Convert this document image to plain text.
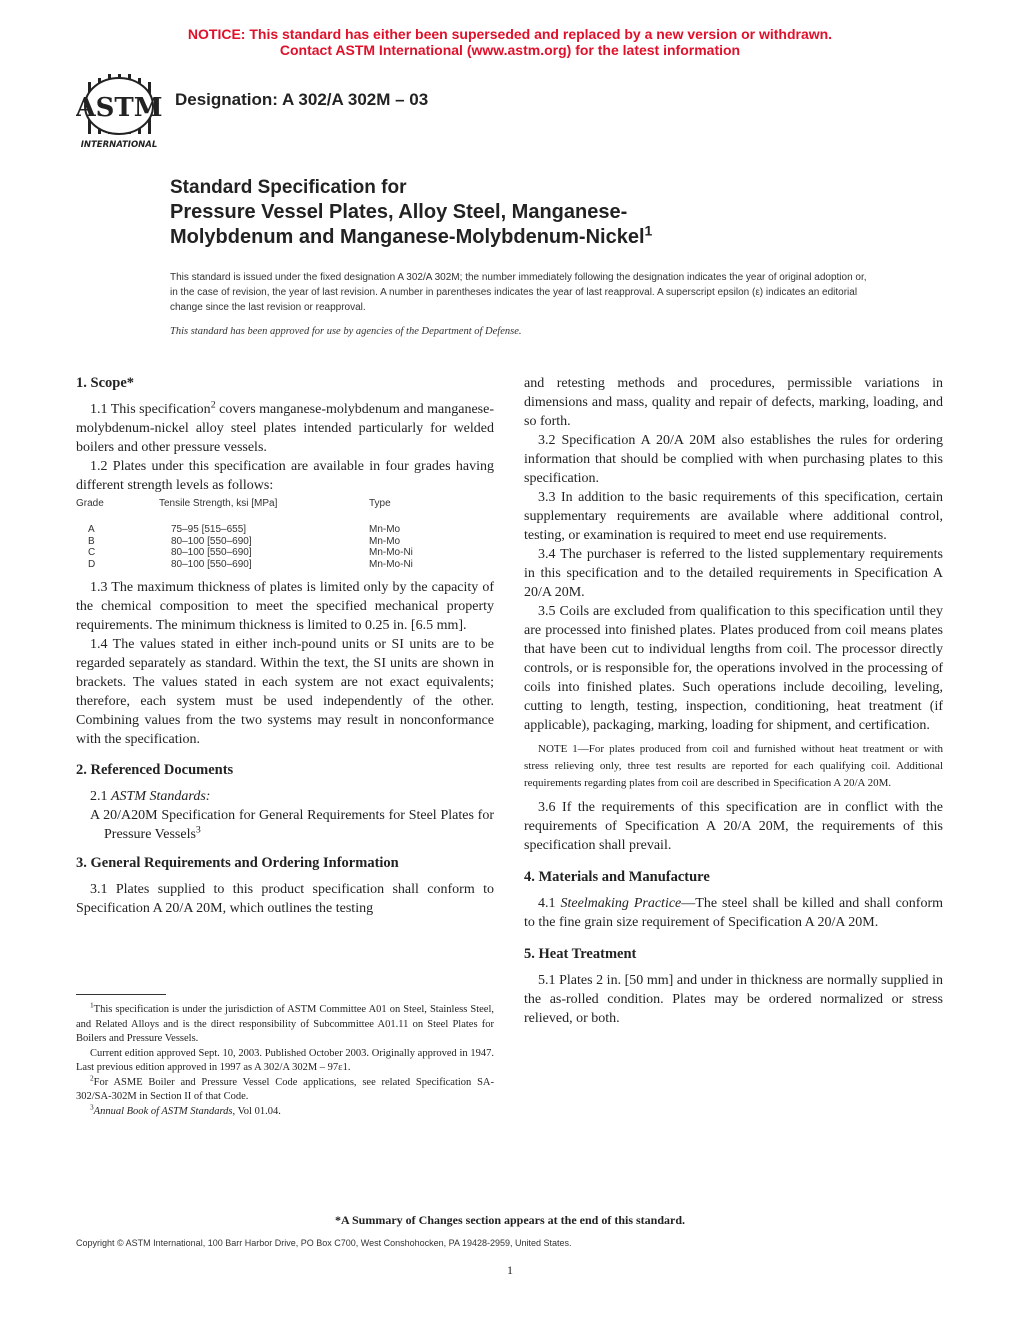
NOTICE: This standard has either been superseded and replaced by a new version or withdrawn.
Contact ASTM International (www.astm.org) for the latest information
ASTM
INTERNATIONAL
Designation: A 302/A 302M – 03
Standard Specification for
Pressure Vessel Plates, Alloy Steel, Manganese-
Molybdenum and Manganese-Molybdenum-Nickel$^1$
This standard is issued under the fixed designation A 302/A 302M; the number immediately following the designation indicates the year of original adoption or, in the case of revision, the year of last revision. A number in parentheses indicates the year of last reapproval. A superscript epsilon (ε) indicates an editorial change since the last revision or reapproval.
This standard has been approved for use by agencies of the Department of Defense.
1. Scope*

1.1 This specification$^2$ covers manganese-molybdenum and manganese-molybdenum-nickel alloy steel plates intended particularly for welded boilers and other pressure vessels.

1.2 Plates under this specification are available in four grades having different strength levels as follows:

Grade	Tensile Strength, ksi [MPa]	Type

A	75–95 [515–655]	Mn-Mo
B	80–100 [550–690]	Mn-Mo
C	80–100 [550–690]	Mn-Mo-Ni
D	80–100 [550–690]	Mn-Mo-Ni

1.3 The maximum thickness of plates is limited only by the capacity of the chemical composition to meet the specified mechanical property requirements. The minimum thickness is limited to 0.25 in. [6.5 mm].

1.4 The values stated in either inch-pound units or SI units are to be regarded separately as standard. Within the text, the SI units are shown in brackets. The values stated in each system are not exact equivalents; therefore, each system must be used independently of the other. Combining values from the two systems may result in nonconformance with the specification.

2. Referenced Documents

2.1 ASTM Standards:

A 20/A20M Specification for General Requirements for Steel Plates for Pressure Vessels$^3$

3. General Requirements and Ordering Information

3.1 Plates supplied to this product specification shall conform to Specification A 20/A 20M, which outlines the testing

and retesting methods and procedures, permissible variations in dimensions and mass, quality and repair of defects, marking, loading, and so forth.

3.2 Specification A 20/A 20M also establishes the rules for ordering information that should be complied with when purchasing plates to this specification.

3.3 In addition to the basic requirements of this specification, certain supplementary requirements are available where additional control, testing, or examination is required to meet end use requirements.

3.4 The purchaser is referred to the listed supplementary requirements in this specification and to the detailed requirements in Specification A 20/A 20M.

3.5 Coils are excluded from qualification to this specification until they are processed into finished plates. Plates produced from coil means plates that have been cut to individual lengths from coil. The processor directly controls, or is responsible for, the operations involved in the processing of coils into finished plates. Such operations include decoiling, leveling, cutting to length, testing, inspection, conditioning, heat treatment (if applicable), packaging, marking, loading for shipment, and certification.

NOTE 1—For plates produced from coil and furnished without heat treatment or with stress relieving only, three test results are reported for each qualifying coil. Additional requirements regarding plates from coil are described in Specification A 20/A 20M.

3.6 If the requirements of this specification are in conflict with the requirements of Specification A 20/A 20M, the requirements of this specification shall prevail.

4. Materials and Manufacture

4.1 Steelmaking Practice—The steel shall be killed and shall conform to the fine grain size requirement of Specification A 20/A 20M.

5. Heat Treatment

5.1 Plates 2 in. [50 mm] and under in thickness are normally supplied in the as-rolled condition. Plates may be ordered normalized or stress relieved, or both.

$^1$This specification is under the jurisdiction of ASTM Committee A01 on Steel, Stainless Steel, and Related Alloys and is the direct responsibility of Subcommittee A01.11 on Steel Plates for Boilers and Pressure Vessels.

Current edition approved Sept. 10, 2003. Published October 2003. Originally approved in 1947. Last previous edition approved in 1997 as A 302/A 302M – 97ε1.

$^2$For ASME Boiler and Pressure Vessel Code applications, see related Specification SA-302/SA-302M in Section II of that Code.

$^3$Annual Book of ASTM Standards, Vol 01.04.

*A Summary of Changes section appears at the end of this standard.
Copyright © ASTM International, 100 Barr Harbor Drive, PO Box C700, West Conshohocken, PA 19428-2959, United States.
1
